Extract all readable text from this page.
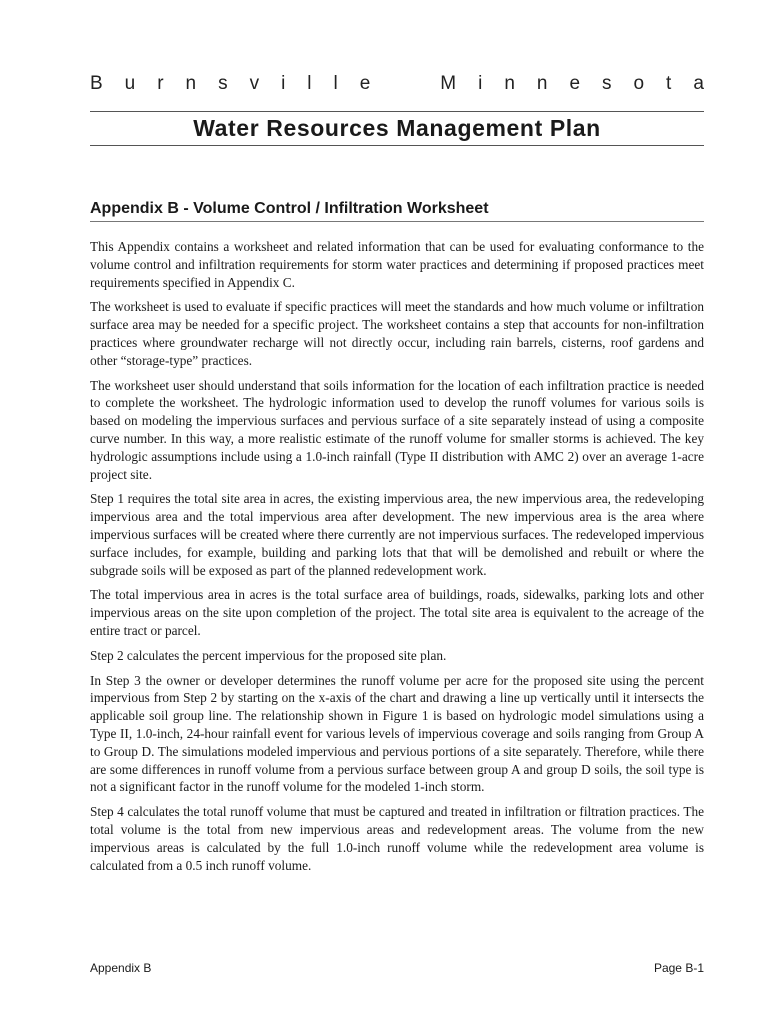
B u r n s v i l l e	M i n n e s o t a
Water Resources Management Plan
Appendix B - Volume Control / Infiltration Worksheet

This Appendix contains a worksheet and related information that can be used for evaluating conformance to the volume control and infiltration requirements for storm water practices and determining if proposed practices meet requirements specified in Appendix C.

The worksheet is used to evaluate if specific practices will meet the standards and how much volume or infiltration surface area may be needed for a specific project. The worksheet contains a step that accounts for non-infiltration practices where groundwater recharge will not directly occur, including rain barrels, cisterns, roof gardens and other “storage-type” practices.

The worksheet user should understand that soils information for the location of each infiltration practice is needed to complete the worksheet. The hydrologic information used to develop the runoff volumes for various soils is based on modeling the impervious surfaces and pervious surface of a site separately instead of using a composite curve number. In this way, a more realistic estimate of the runoff volume for smaller storms is achieved. The key hydrologic assumptions include using a 1.0-inch rainfall (Type II distribution with AMC 2) over an average 1-acre project site.

Step 1 requires the total site area in acres, the existing impervious area, the new impervious area, the redeveloping impervious area and the total impervious area after development. The new impervious area is the area where impervious surfaces will be created where there currently are not impervious surfaces. The redeveloped impervious surface includes, for example, building and parking lots that that will be demolished and rebuilt or where the subgrade soils will be exposed as part of the planned redevelopment work.

The total impervious area in acres is the total surface area of buildings, roads, sidewalks, parking lots and other impervious areas on the site upon completion of the project. The total site area is equivalent to the acreage of the entire tract or parcel.

Step 2 calculates the percent impervious for the proposed site plan.

In Step 3 the owner or developer determines the runoff volume per acre for the proposed site using the percent impervious from Step 2 by starting on the x-axis of the chart and drawing a line up vertically until it intersects the applicable soil group line. The relationship shown in Figure 1 is based on hydrologic model simulations using a Type II, 1.0-inch, 24-hour rainfall event for various levels of impervious coverage and soils ranging from Group A to Group D. The simulations modeled impervious and pervious portions of a site separately. Therefore, while there are some differences in runoff volume from a pervious surface between group A and group D soils, the soil type is not a significant factor in the runoff volume for the modeled 1-inch storm.

Step 4 calculates the total runoff volume that must be captured and treated in infiltration or filtration practices. The total volume is the total from new impervious areas and redevelopment areas. The volume from the new impervious areas is calculated by the full 1.0-inch runoff volume while the redevelopment area volume is calculated from a 0.5 inch runoff volume.

Appendix B	Page B-1
